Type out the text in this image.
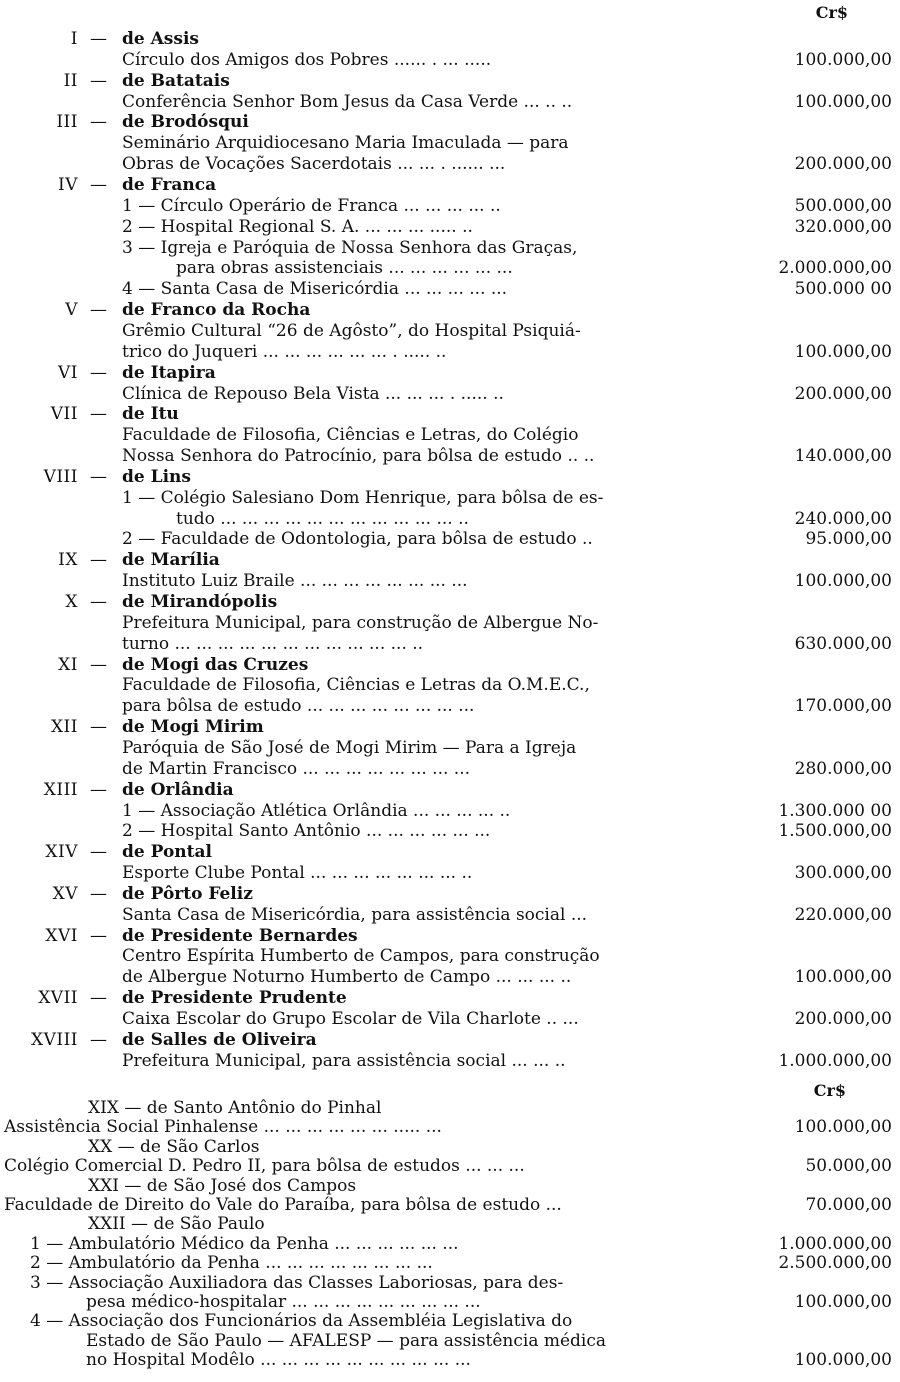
Cr$
I — de Assis
Círculo dos Amigos dos Pobres ...... . ... .....	100.000,00
II — de Batatais
Conferência Senhor Bom Jesus da Casa Verde ... .. ..	100.000,00
III — de Brodósqui
Seminário Arquidiocesano Maria Imaculada — para
Obras de Vocações Sacerdotais ... ... . ...... ...	200.000,00
IV — de Franca
1 — Círculo Operário de Franca ... ... ... ... ..	500.000,00
2 — Hospital Regional S. A. ... ... ... ..... ..	320.000,00
3 — Igreja e Paróquia de Nossa Senhora das Graças,
para obras assistenciais ... ... ... ... ... ...	2.000.000,00
4 — Santa Casa de Misericórdia ... ... ... ... ...	500.000 00
V — de Franco da Rocha
Grêmio Cultural “26 de Agôsto”, do Hospital Psiquiá-
trico do Juqueri ... ... ... ... ... ... . ..... ..	100.000,00
VI — de Itapira
Clínica de Repouso Bela Vista ... ... ... . ..... ..	200.000,00
VII — de Itu
Faculdade de Filosofia, Ciências e Letras, do Colégio
Nossa Senhora do Patrocínio, para bôlsa de estudo .. ..	140.000,00
VIII — de Lins
1 — Colégio Salesiano Dom Henrique, para bôlsa de es-
tudo ... ... ... ... ... ... ... ... ... ... ... ..	240.000,00
2 — Faculdade de Odontologia, para bôlsa de estudo ..	95.000,00
IX — de Marília
Instituto Luiz Braile ... ... ... ... ... ... ... ...	100.000,00
X — de Mirandópolis
Prefeitura Municipal, para construção de Albergue No-
turno ... ... ... ... ... ... ... ... ... ... ... ..	630.000,00
XI — de Mogi das Cruzes
Faculdade de Filosofia, Ciências e Letras da O.M.E.C.,
para bôlsa de estudo ... ... ... ... ... ... ... ...	170.000,00
XII — de Mogi Mirim
Paróquia de São José de Mogi Mirim — Para a Igreja
de Martin Francisco ... ... ... ... ... ... ... ...	280.000,00
XIII — de Orlândia
1 — Associação Atlética Orlândia ... ... ... ... ..	1.300.000 00
2 — Hospital Santo Antônio ... ... ... ... ... ...	1.500.000,00
XIV — de Pontal
Esporte Clube Pontal ... ... ... ... ... ... ... ..	300.000,00
XV — de Pôrto Feliz
Santa Casa de Misericórdia, para assistência social ...	220.000,00
XVI — de Presidente Bernardes
Centro Espírita Humberto de Campos, para construção
de Albergue Noturno Humberto de Campo ... ... ... ..	100.000,00
XVII — de Presidente Prudente
Caixa Escolar do Grupo Escolar de Vila Charlote .. ...	200.000,00
XVIII — de Salles de Oliveira
Prefeitura Municipal, para assistência social ... ... ..	1.000.000,00
Cr$
XIX — de Santo Antônio do Pinhal
Assistência Social Pinhalense ... ... ... ... ... ... ..... ...	100.000,00
XX — de São Carlos
Colégio Comercial D. Pedro II, para bôlsa de estudos ... ... ...	50.000,00
XXI — de São José dos Campos
Faculdade de Direito do Vale do Paraíba, para bôlsa de estudo ...	70.000,00
XXII — de São Paulo
1 — Ambulatório Médico da Penha ... ... ... ... ... ...	1.000.000,00
2 — Ambulatório da Penha ... ... ... ... ... ... ... ...	2.500.000,00
3 — Associação Auxiliadora das Classes Laboriosas, para des-
pesa médico-hospitalar ... ... ... ... ... ... ... ... ...	100.000,00
4 — Associação dos Funcionários da Assembléia Legislativa do
Estado de São Paulo — AFALESP — para assistência médica
no Hospital Modêlo ... ... ... ... ... ... ... ... ... ...	100.000,00
